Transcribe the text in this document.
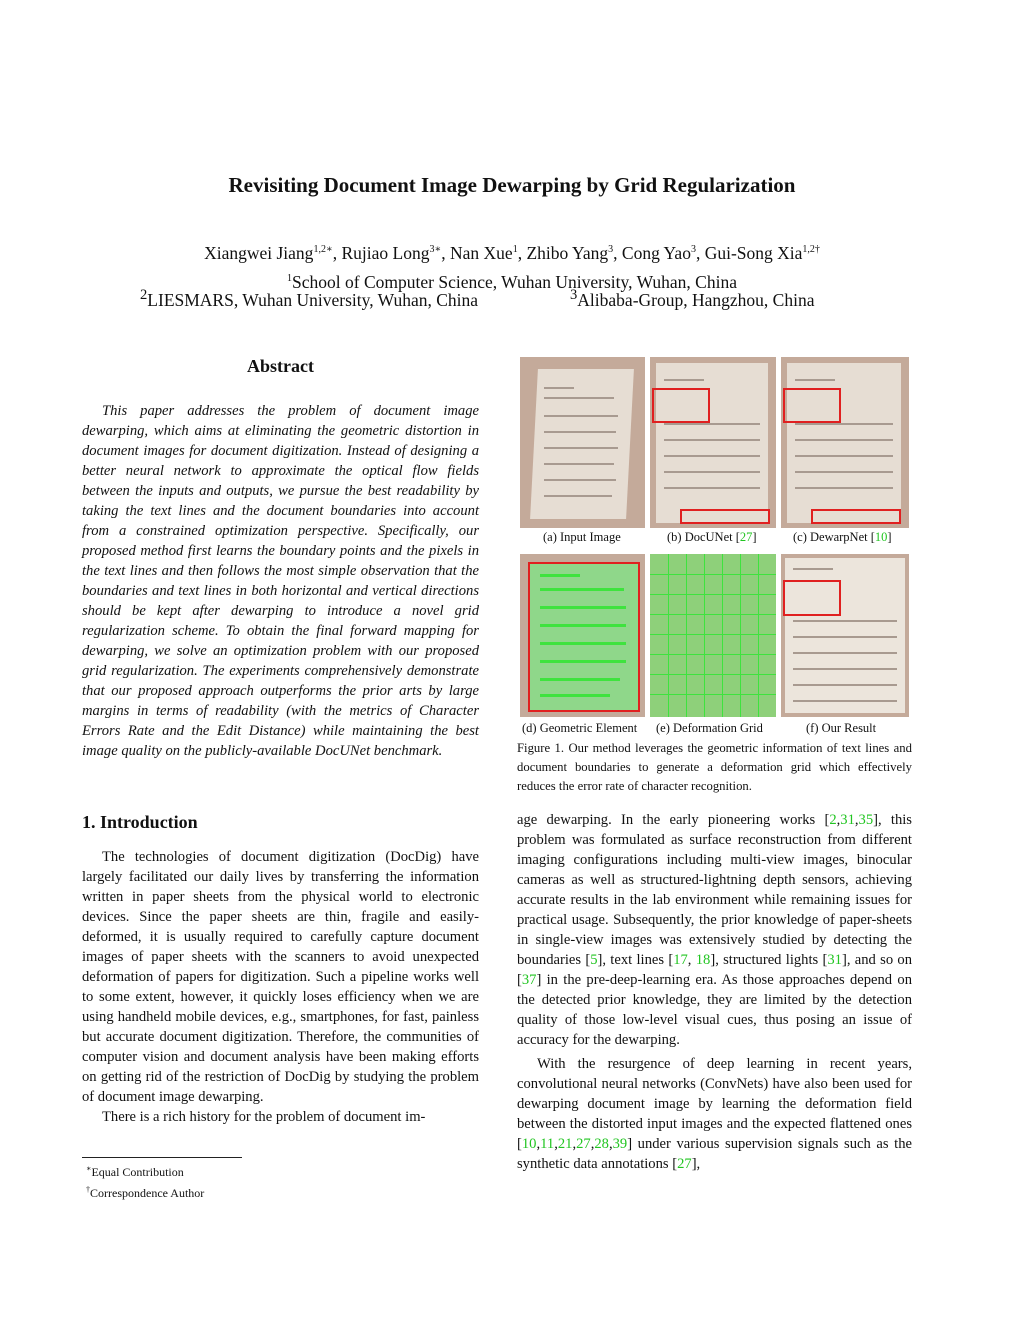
Revisiting Document Image Dewarping by Grid Regularization
Xiangwei Jiang$^{1,2∗}$, Rujiao Long$^{3∗}$, Nan Xue$^1$, Zhibo Yang$^3$, Cong Yao$^3$, Gui-Song Xia$^{1,2\dagger}$
$^1$School of Computer Science, Wuhan University, Wuhan, China
$^2$LIESMARS, Wuhan University, Wuhan, China	$^3$Alibaba-Group, Hangzhou, China
Abstract

This paper addresses the problem of document image dewarping, which aims at eliminating the geometric distortion in document images for document digitization. Instead of designing a better neural network to approximate the optical flow fields between the inputs and outputs, we pursue the best readability by taking the text lines and the document boundaries into account from a constrained optimization perspective. Specifically, our proposed method first learns the boundary points and the pixels in the text lines and then follows the most simple observation that the boundaries and text lines in both horizontal and vertical directions should be kept after dewarping to introduce a novel grid regularization scheme. To obtain the final forward mapping for dewarping, we solve an optimization problem with our proposed grid regularization. The experiments comprehensively demonstrate that our proposed approach outperforms the prior arts by large margins in terms of readability (with the metrics of Character Errors Rate and the Edit Distance) while maintaining the best image quality on the publicly-available DocUNet benchmark.

1. Introduction

The technologies of document digitization (DocDig) have largely facilitated our daily lives by transferring the information written in paper sheets from the physical world to electronic devices. Since the paper sheets are thin, fragile and easily-deformed, it is usually required to carefully capture document images of paper sheets with the scanners to avoid unexpected deformation of papers for digitization. Such a pipeline works well to some extent, however, it quickly loses efficiency when we are using handheld mobile devices, e.g., smartphones, for fast, painless but accurate document digitization. Therefore, the communities of computer vision and document analysis have been making efforts on getting rid of the restriction of DocDig by studying the problem of document image dewarping.

There is a rich history for the problem of document im-

∗Equal Contribution
†Correspondence Author
(a) Input Image	(b) DocUNet [27]	(c) DewarpNet [10]
(d) Geometric Element (e) Deformation Grid	(f) Our Result
Figure 1. Our method leverages the geometric information of text lines and document boundaries to generate a deformation grid which effectively reduces the error rate of character recognition.

age dewarping. In the early pioneering works [2,31,35], this problem was formulated as surface reconstruction from different imaging configurations including multi-view images, binocular cameras as well as structured-lightning depth sensors, achieving accurate results in the lab environment while remaining issues for practical usage. Subsequently, the prior knowledge of paper-sheets in single-view images was extensively studied by detecting the boundaries [5], text lines [17, 18], structured lights [31], and so on [37] in the pre-deep-learning era. As those approaches depend on the detected prior knowledge, they are limited by the detection quality of those low-level visual cues, thus posing an issue of accuracy for the dewarping.

With the resurgence of deep learning in recent years, convolutional neural networks (ConvNets) have also been used for dewarping document image by learning the deformation field between the distorted input images and the expected flattened ones [10,11,21,27,28,39] under various supervision signals such as the synthetic data annotations [27],
